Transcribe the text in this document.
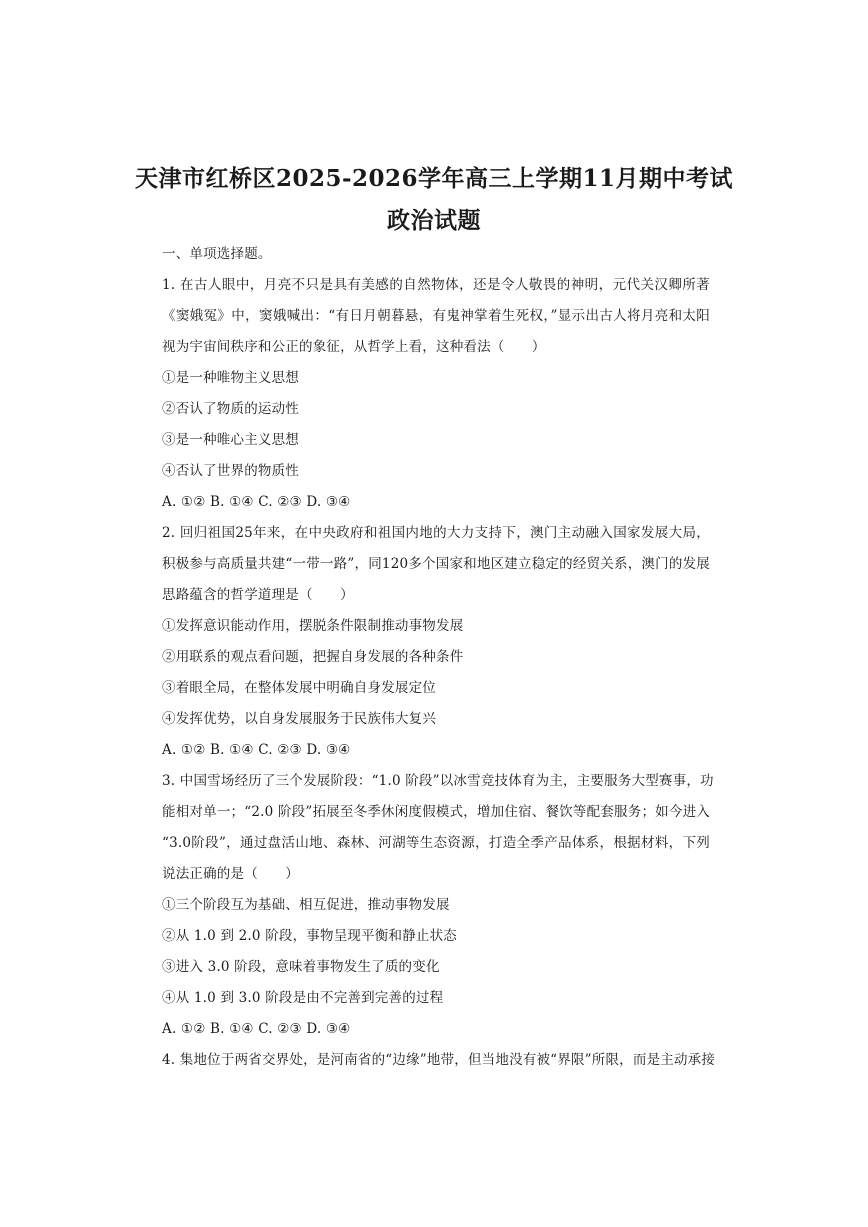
天津市红桥区2025-2026学年高三上学期11月期中考试
政治试题
一、单项选择题。
1. 在古人眼中，月亮不只是具有美感的自然物体，还是令人敬畏的神明，元代关汉卿所著
《窦娥冤》中，窦娥喊出：“有日月朝暮悬，有鬼神掌着生死权，”显示出古人将月亮和太阳
视为宇宙间秩序和公正的象征，从哲学上看，这种看法（　　）
①是一种唯物主义思想
②否认了物质的运动性
③是一种唯心主义思想
④否认了世界的物质性
A. ①② B. ①④ C. ②③ D. ③④
2. 回归祖国25年来，在中央政府和祖国内地的大力支持下，澳门主动融入国家发展大局，
积极参与高质量共建“一带一路”，同120多个国家和地区建立稳定的经贸关系，澳门的发展
思路蕴含的哲学道理是（　　）
①发挥意识能动作用，摆脱条件限制推动事物发展
②用联系的观点看问题，把握自身发展的各种条件
③着眼全局，在整体发展中明确自身发展定位
④发挥优势，以自身发展服务于民族伟大复兴
A. ①② B. ①④ C. ②③ D. ③④
3. 中国雪场经历了三个发展阶段：“1.0 阶段”以冰雪竞技体育为主，主要服务大型赛事，功
能相对单一；“2.0 阶段”拓展至冬季休闲度假模式，增加住宿、餐饮等配套服务；如今进入
“3.0阶段”，通过盘活山地、森林、河湖等生态资源，打造全季产品体系，根据材料，下列
说法正确的是（　　）
①三个阶段互为基础、相互促进，推动事物发展
②从 1.0 到 2.0 阶段，事物呈现平衡和静止状态
③进入 3.0 阶段，意味着事物发生了质的变化
④从 1.0 到 3.0 阶段是由不完善到完善的过程
A. ①② B. ①④ C. ②③ D. ③④
4. 集地位于两省交界处，是河南省的“边缘”地带，但当地没有被“界限”所限，而是主动承接
